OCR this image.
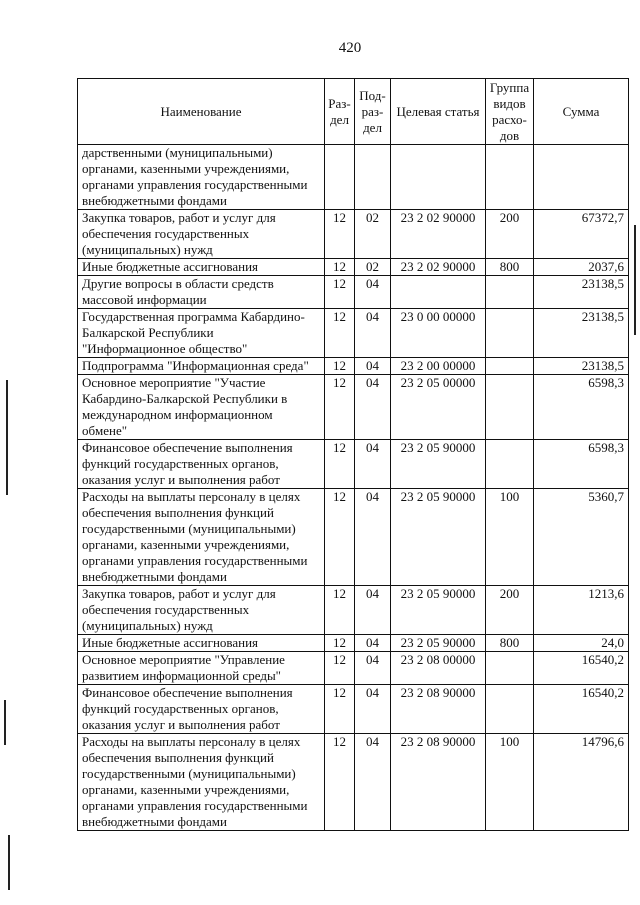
420
Наименование	Раз-дел	Под-раз-дел	Целевая статья	Группа видов расхо-дов	Сумма
дарственными (муниципальными) органами, казенными учреждениями, органами управления государственными внебюджетными фондами					
Закупка товаров, работ и услуг для обеспечения государственных (муниципальных) нужд	12	02	23 2 02 90000	200	67372,7
Иные бюджетные ассигнования	12	02	23 2 02 90000	800	2037,6
Другие вопросы в области средств массовой информации	12	04			23138,5
Государственная программа Кабардино-Балкарской Республики "Информационное общество"	12	04	23 0 00 00000		23138,5
Подпрограмма "Информационная среда"	12	04	23 2 00 00000		23138,5
Основное мероприятие "Участие Кабардино-Балкарской Республики в международном информационном обмене"	12	04	23 2 05 00000		6598,3
Финансовое обеспечение выполнения функций государственных органов, оказания услуг и выполнения работ	12	04	23 2 05 90000		6598,3
Расходы на выплаты персоналу в целях обеспечения выполнения функций государственными (муниципальными) органами, казенными учреждениями, органами управления государственными внебюджетными фондами	12	04	23 2 05 90000	100	5360,7
Закупка товаров, работ и услуг для обеспечения государственных (муниципальных) нужд	12	04	23 2 05 90000	200	1213,6
Иные бюджетные ассигнования	12	04	23 2 05 90000	800	24,0
Основное мероприятие "Управление развитием информационной среды"	12	04	23 2 08 00000		16540,2
Финансовое обеспечение выполнения функций государственных органов, оказания услуг и выполнения работ	12	04	23 2 08 90000		16540,2
Расходы на выплаты персоналу в целях обеспечения выполнения функций государственными (муниципальными) органами, казенными учреждениями, органами управления государственными внебюджетными фондами	12	04	23 2 08 90000	100	14796,6
